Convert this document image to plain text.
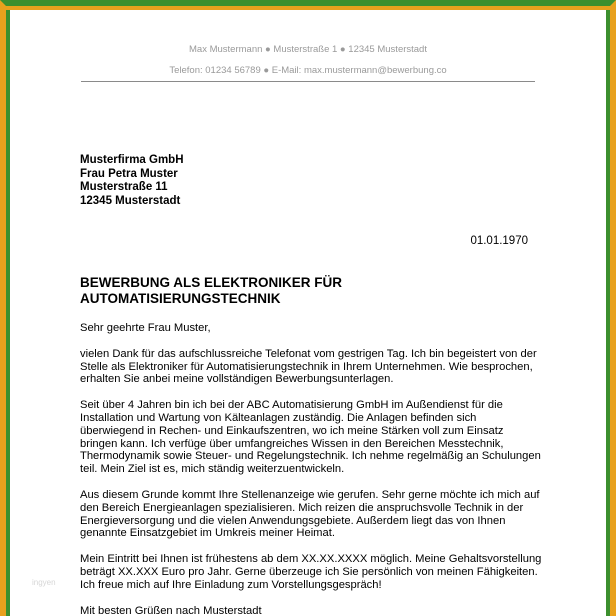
Max Mustermann ● Musterstraße 1 ● 12345 Musterstadt
Telefon: 01234 56789 ● E-Mail: max.mustermann@bewerbung.co
Musterfirma GmbH
Frau Petra Muster
Musterstraße 11
12345 Musterstadt
01.01.1970
BEWERBUNG ALS ELEKTRONIKER FÜR
AUTOMATISIERUNGSTECHNIK

Sehr geehrte Frau Muster,

vielen Dank für das aufschlussreiche Telefonat vom gestrigen Tag. Ich bin begeistert von der Stelle als Elektroniker für Automatisierungstechnik in Ihrem Unternehmen. Wie besprochen, erhalten Sie anbei meine vollständigen Bewerbungsunterlagen.

Seit über 4 Jahren bin ich bei der ABC Automatisierung GmbH im Außendienst für die Installation und Wartung von Kälteanlagen zuständig. Die Anlagen befinden sich überwiegend in Rechen- und Einkaufszentren, wo ich meine Stärken voll zum Einsatz bringen kann. Ich verfüge über umfangreiches Wissen in den Bereichen Messtechnik, Thermodynamik sowie Steuer- und Regelungstechnik. Ich nehme regelmäßig an Schulungen teil. Mein Ziel ist es, mich ständig weiterzuentwickeln.

Aus diesem Grunde kommt Ihre Stellenanzeige wie gerufen. Sehr gerne möchte ich mich auf den Bereich Energieanlagen spezialisieren. Mich reizen die anspruchsvolle Technik in der Energieversorgung und die vielen Anwendungsgebiete. Außerdem liegt das von Ihnen genannte Einsatzgebiet im Umkreis meiner Heimat.

Mein Eintritt bei Ihnen ist frühestens ab dem XX.XX.XXXX möglich. Meine Gehaltsvorstellung beträgt XX.XXX Euro pro Jahr. Gerne überzeuge ich Sie persönlich von meinen Fähigkeiten. Ich freue mich auf Ihre Einladung zum Vorstellungsgespräch!

Mit besten Grüßen nach Musterstadt

ingyen
